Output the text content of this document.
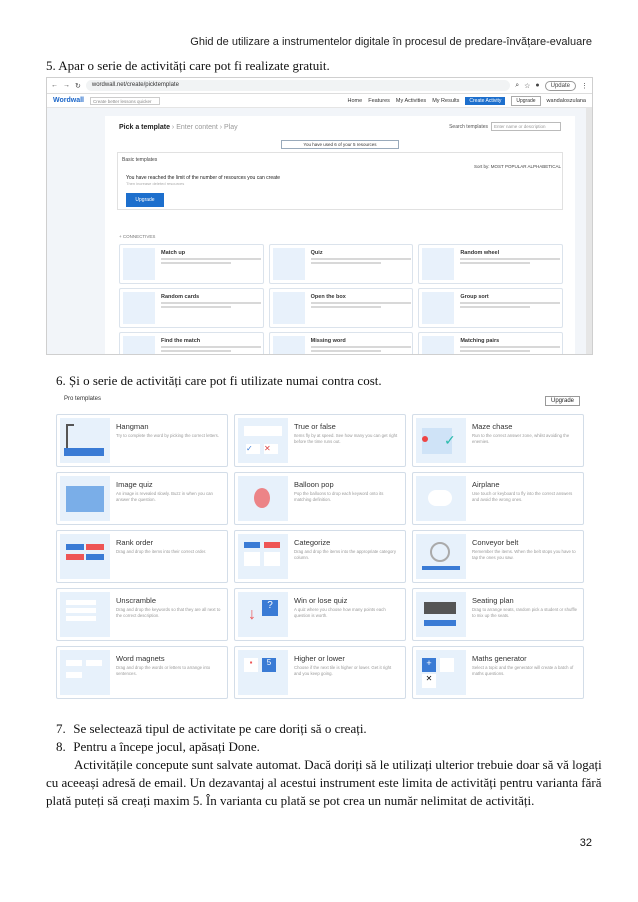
Ghid de utilizare a instrumentelor digitale în procesul de predare-învățare-evaluare
5. Apar o serie de activități care pot fi realizate gratuit.
← → ↻	wordwall.net/create/picktemplate	⌕ ☆ ●	Update	⋮
Wordwall	Create better lessons quicker	Home Features My Activities My Results	Create Activity	Upgrade	wandaloszulana
Pick a template › Enter content › Play	Search templates	Enter name or description
You have used 6 of your 5 resources
Basic templates
You have reached the limit of the number of resources you can create
Then increase deleted resources
Upgrade
Sort by: MOST POPULAR ALPHABETICAL
+ CONNECTIVES
Match up	Quiz	Random wheel
Random cards	Open the box	Group sort
Find the match	Missing word	Matching pairs
6. Și o serie de activități care pot fi utilizate numai contra cost.
Pro templates	Upgrade
Hangman
Try to complete the word by picking the correct letters.
✓	✕
True or false
Items fly by at speed. See how many you can get right before the time runs out.	✓
Maze chase
Run to the correct answer zone, whilst avoiding the enemies.
Image quiz
An image is revealed slowly. Buzz in when you can answer the question.
Balloon pop
Pop the balloons to drop each keyword onto its matching definition.
Airplane
Use touch or keyboard to fly into the correct answers and avoid the wrong ones.
Rank order
Drag and drop the items into their correct order.
Categorize
Drag and drop the items into the appropriate category column.
Conveyor belt
Remember the items. When the belt stops you have to tap the ones you saw.
Unscramble
Drag and drop the keywords so that they are all next to the correct description.	↓
?	Win or lose quiz
A quiz where you choose how many points each question is worth.
Seating plan
Drag to arrange seats, random pick a student or shuffle to mix up the seats.
Word magnets
Drag and drop the words or letters to arrange into sentences.
▪	5	Higher or lower
Choose if the next tile is higher or lower. Get it right and you keep going.
+
✕
Maths generator
Select a topic and the generator will create a batch of maths questions.
7. Se selectează tipul de activitate pe care doriți să o creați.
8. Pentru a începe jocul, apăsați Done.
Activitățile concepute sunt salvate automat. Dacă doriți să le utilizați ulterior trebuie doar să vă logați
cu aceeași adresă de email. Un dezavantaj al acestui instrument este limita de activități pentru varianta fără
plată puteți să creați maxim 5. În varianta cu plată se pot crea un număr nelimitat de activități.
32
